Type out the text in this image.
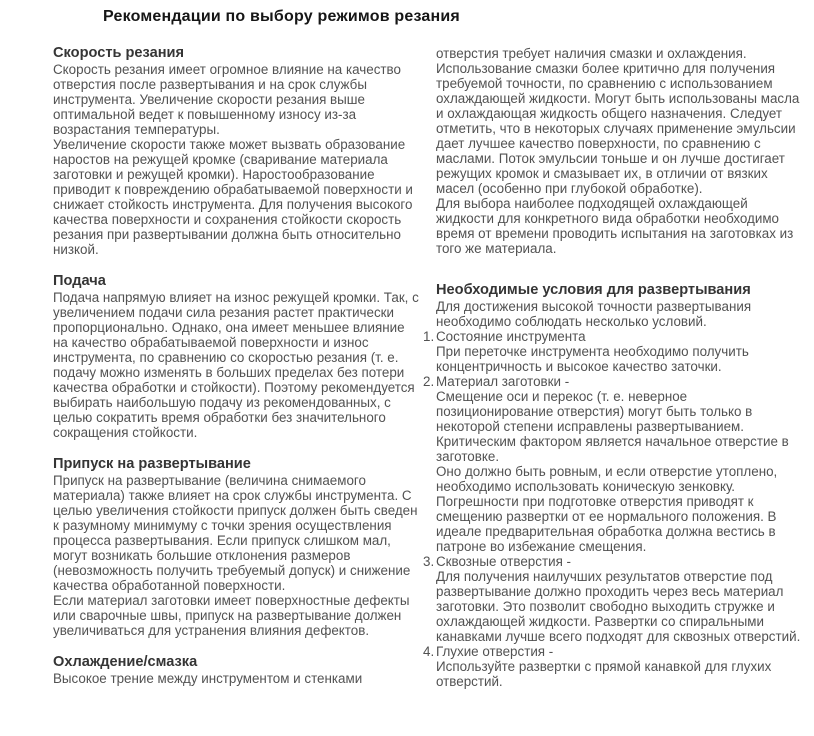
Рекомендации по выбору режимов резания
Скорость резания

Скорость резания имеет огромное влияние на качество отверстия после развертывания и на срок службы инструмента. Увеличение скорости резания выше оптимальной ведет к повышенному износу из-за возрастания температуры.

Увеличение скорости также может вызвать образование наростов на режущей кромке (сваривание материала заготовки и режущей кромки). Наростообразование приводит к повреждению обрабатываемой поверхности и снижает стойкость инструмента. Для получения высокого качества поверхности и сохранения стойкости скорость резания при развертывании должна быть относительно низкой.

Подача

Подача напрямую влияет на износ режущей кромки. Так, с увеличением подачи сила резания растет практически пропорционально. Однако, она имеет меньшее влияние на качество обрабатываемой поверхности и износ инструмента, по сравнению со скоростью резания (т. е. подачу можно изменять в больших пределах без потери качества обработки и стойкости). Поэтому рекомендуется выбирать наибольшую подачу из рекомендованных, с целью сократить время обработки без значительного сокращения стойкости.

Припуск на развертывание

Припуск на развертывание (величина снимаемого материала) также влияет на срок службы инструмента. С целью увеличения стойкости припуск должен быть сведен к разумному минимуму с точки зрения осуществления процесса развертывания. Если припуск слишком мал, могут возникать большие отклонения размеров (невозможность получить требуемый допуск) и снижение качества обработанной поверхности.

Если материал заготовки имеет поверхностные дефекты или сварочные швы, припуск на развертывание должен увеличиваться для устранения влияния дефектов.

Охлаждение/смазка

Высокое трение между инструментом и стенками

отверстия требует наличия смазки и охлаждения. Использование смазки более критично для получения требуемой точности, по сравнению с использованием охлаждающей жидкости. Могут быть использованы масла и охлаждающая жидкость общего назначения. Следует отметить, что в некоторых случаях применение эмульсии дает лучшее качество поверхности, по сравнению с маслами. Поток эмульсии тоньше и он лучше достигает режущих кромок и смазывает их, в отличии от вязких масел (особенно при глубокой обработке).

Для выбора наиболее подходящей охлаждающей жидкости для конкретного вида обработки необходимо время от времени проводить испытания на заготовках из того же материала.

Необходимые условия для развертывания

Для достижения высокой точности развертывания необходимо соблюдать несколько условий.

1. Состояние инструмента

При переточке инструмента необходимо получить концентричность и высокое качество заточки.

2. Материал заготовки -

Смещение оси и перекос (т. е. неверное позиционирование отверстия) могут быть только в некоторой степени исправлены развертыванием. Критическим фактором является начальное отверстие в заготовке.

Оно должно быть ровным, и если отверстие утоплено, необходимо использовать коническую зенковку. Погрешности при подготовке отверстия приводят к смещению развертки от ее нормального положения. В идеале предварительная обработка должна вестись в патроне во избежание смещения.

3. Сквозные отверстия -

Для получения наилучших результатов отверстие под развертывание должно проходить через весь материал заготовки. Это позволит свободно выходить стружке и охлаждающей жидкости. Развертки со спиральными канавками лучше всего подходят для сквозных отверстий.

4. Глухие отверстия -

Используйте развертки с прямой канавкой для глухих отверстий.
